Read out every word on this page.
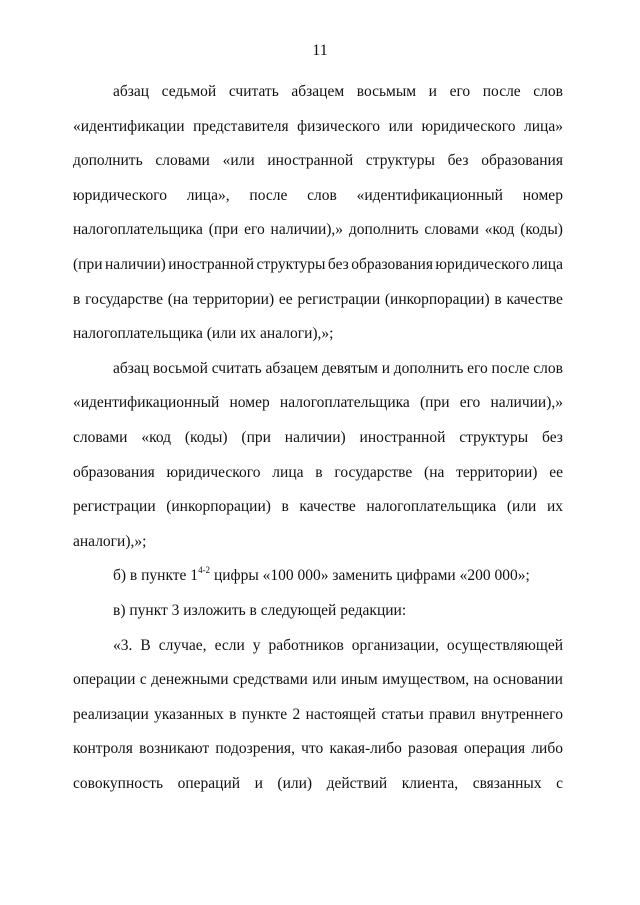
11
абзац седьмой считать абзацем восьмым и его после слов
«идентификации представителя физического или юридического лица»
дополнить словами «или иностранной структуры без образования
юридического лица», после слов «идентификационный номер
налогоплательщика (при его наличии),» дополнить словами «код (коды)
(при наличии) иностранной структуры без образования юридического лица
в государстве (на территории) ее регистрации (инкорпорации) в качестве
налогоплательщика (или их аналоги),»;
абзац восьмой считать абзацем девятым и дополнить его после слов
«идентификационный номер налогоплательщика (при его наличии),»
словами «код (коды) (при наличии) иностранной структуры без
образования юридического лица в государстве (на территории) ее
регистрации (инкорпорации) в качестве налогоплательщика (или их
аналоги),»;
б) в пункте 1$^{4-2}$ цифры «100 000» заменить цифрами «200 000»;
в) пункт 3 изложить в следующей редакции:
«3. В случае, если у работников организации, осуществляющей
операции с денежными средствами или иным имуществом, на основании
реализации указанных в пункте 2 настоящей статьи правил внутреннего
контроля возникают подозрения, что какая-либо разовая операция либо
совокупность операций и (или) действий клиента, связанных с
